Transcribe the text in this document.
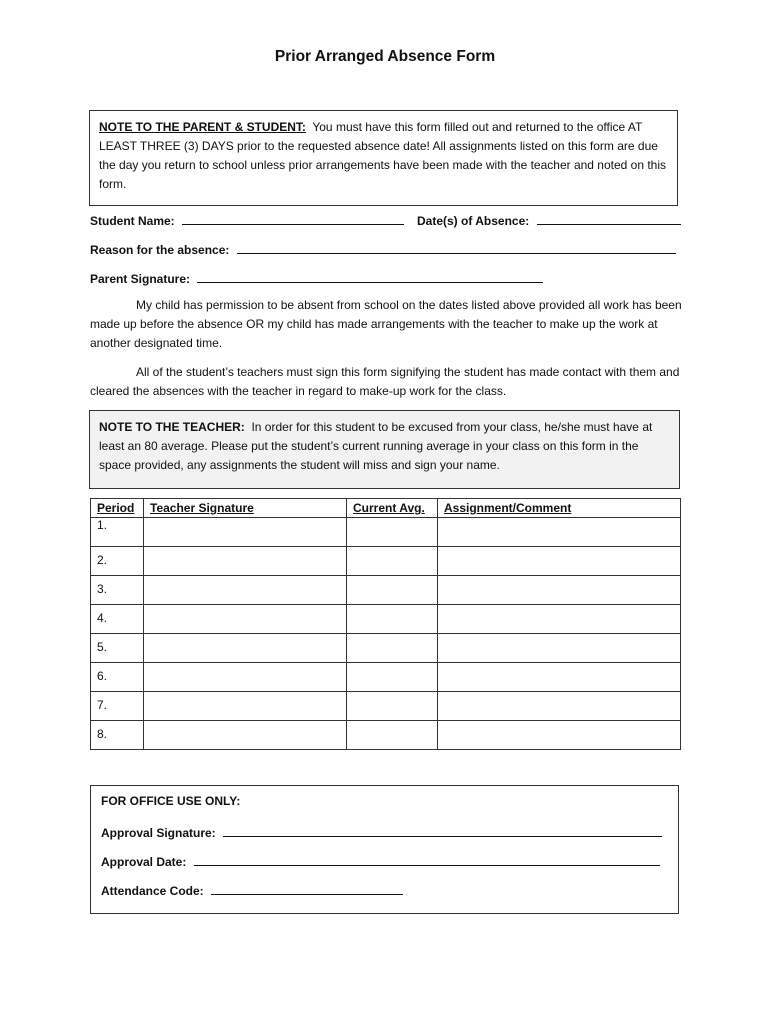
Prior Arranged Absence Form
NOTE TO THE PARENT & STUDENT: You must have this form filled out and returned to the office AT LEAST THREE (3) DAYS prior to the requested absence date! All assignments listed on this form are due the day you return to school unless prior arrangements have been made with the teacher and noted on this form.
Student Name:	Date(s) of Absence:
Reason for the absence:
Parent Signature:
My child has permission to be absent from school on the dates listed above provided all work has been made up before the absence OR my child has made arrangements with the teacher to make up the work at another designated time.
All of the student’s teachers must sign this form signifying the student has made contact with them and cleared the absences with the teacher in regard to make-up work for the class.
NOTE TO THE TEACHER: In order for this student to be excused from your class, he/she must have at least an 80 average. Please put the student’s current running average in your class on this form in the space provided, any assignments the student will miss and sign your name.
Period	Teacher Signature	Current Avg.	Assignment/Comment
1.			
2.			
3.			
4.			
5.			
6.			
7.			
8.			
FOR OFFICE USE ONLY:
Approval Signature:
Approval Date:
Attendance Code:
